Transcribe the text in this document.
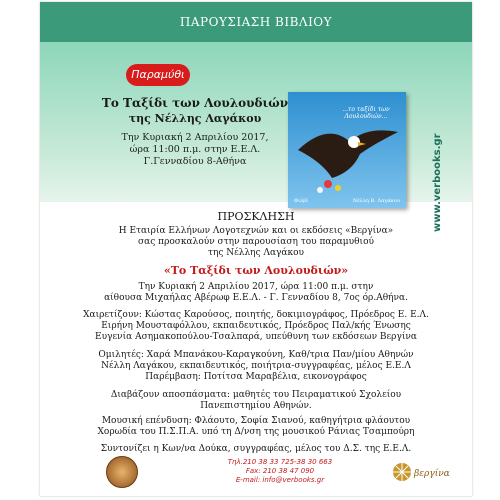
ΠΑΡΟΥΣΙΑΣΗ ΒΙΒΛΙΟΥ
Παραμύθι
Το Ταξίδι των Λουλουδιών
της Νέλλης Λαγάκου
Την Κυριακή 2 Απριλίου 2017,
ώρα 11:00 π.μ. στην Ε.Ε.Λ.
Γ.Γενναδίου 8-Αθήνα
...το ταξίδι των Λουλουδιών...
Φιλβί	Νέλλη Β. Λαγάκου	www.verbooks.gr
ΠΡΟΣΚΛΗΣΗ
Η Εταιρία Ελλήνων Λογοτεχνών και οι εκδόσεις «Βεργίνα»
σας προσκαλούν στην παρουσίαση του παραμυθιού
της Νέλλης Λαγάκου
«Το Ταξίδι των Λουλουδιών»
Την Κυριακή 2 Απριλίου 2017, ώρα 11:00 π.μ. στην
αίθουσα Μιχαήλας Αβέρωφ Ε.Ε.Λ. - Γ. Γενναδίου 8, 7ος όρ.Αθήνα.
Χαιρετίζουν: Κώστας Καρούσος, ποιητής, δοκιμιογράφος, Πρόεδρος Ε. Ε.Λ.
Ειρήνη Μουσταφόλλου, εκπαιδευτικός, Πρόεδρος Παλ/κής Ένωσης
Ευγενία Ασημακοπούλου-Τσαλπαρά, υπεύθυνη των εκδόσεων Βεργίνα
Ομιλητές: Χαρά Μπανάκου-Καραγκούνη, Καθ/τρια Παν/μίου Αθηνών
Νέλλη Λαγάκου, εκπαιδευτικός, ποιήτρια-συγγραφέας, μέλος Ε.Ε.Λ
Παρέμβαση: Ποτίτσα Μαραβέλια, εικονογράφος
Διαβάζουν αποσπάσματα: μαθητές του Πειραματικού Σχολείου
Πανεπιστημίου Αθηνών.
Μουσική επένδυση: Φλάουτο, Σοφία Σιανού, καθηγήτρια φλάουτου
Χορωδία του Π.Σ.Π.Α. υπό τη Δ/νση της μουσικού Ράνιας Τσαμπούρη
Συντονίζει η Κων/να Δούκα, συγγραφέας, μέλος του Δ.Σ. της Ε.Ε.Λ.
Τηλ.210 38 33 725-38 30 663
Fax: 210 38 47 090
E-mail: info@verbooks.gr
βεργίνα
